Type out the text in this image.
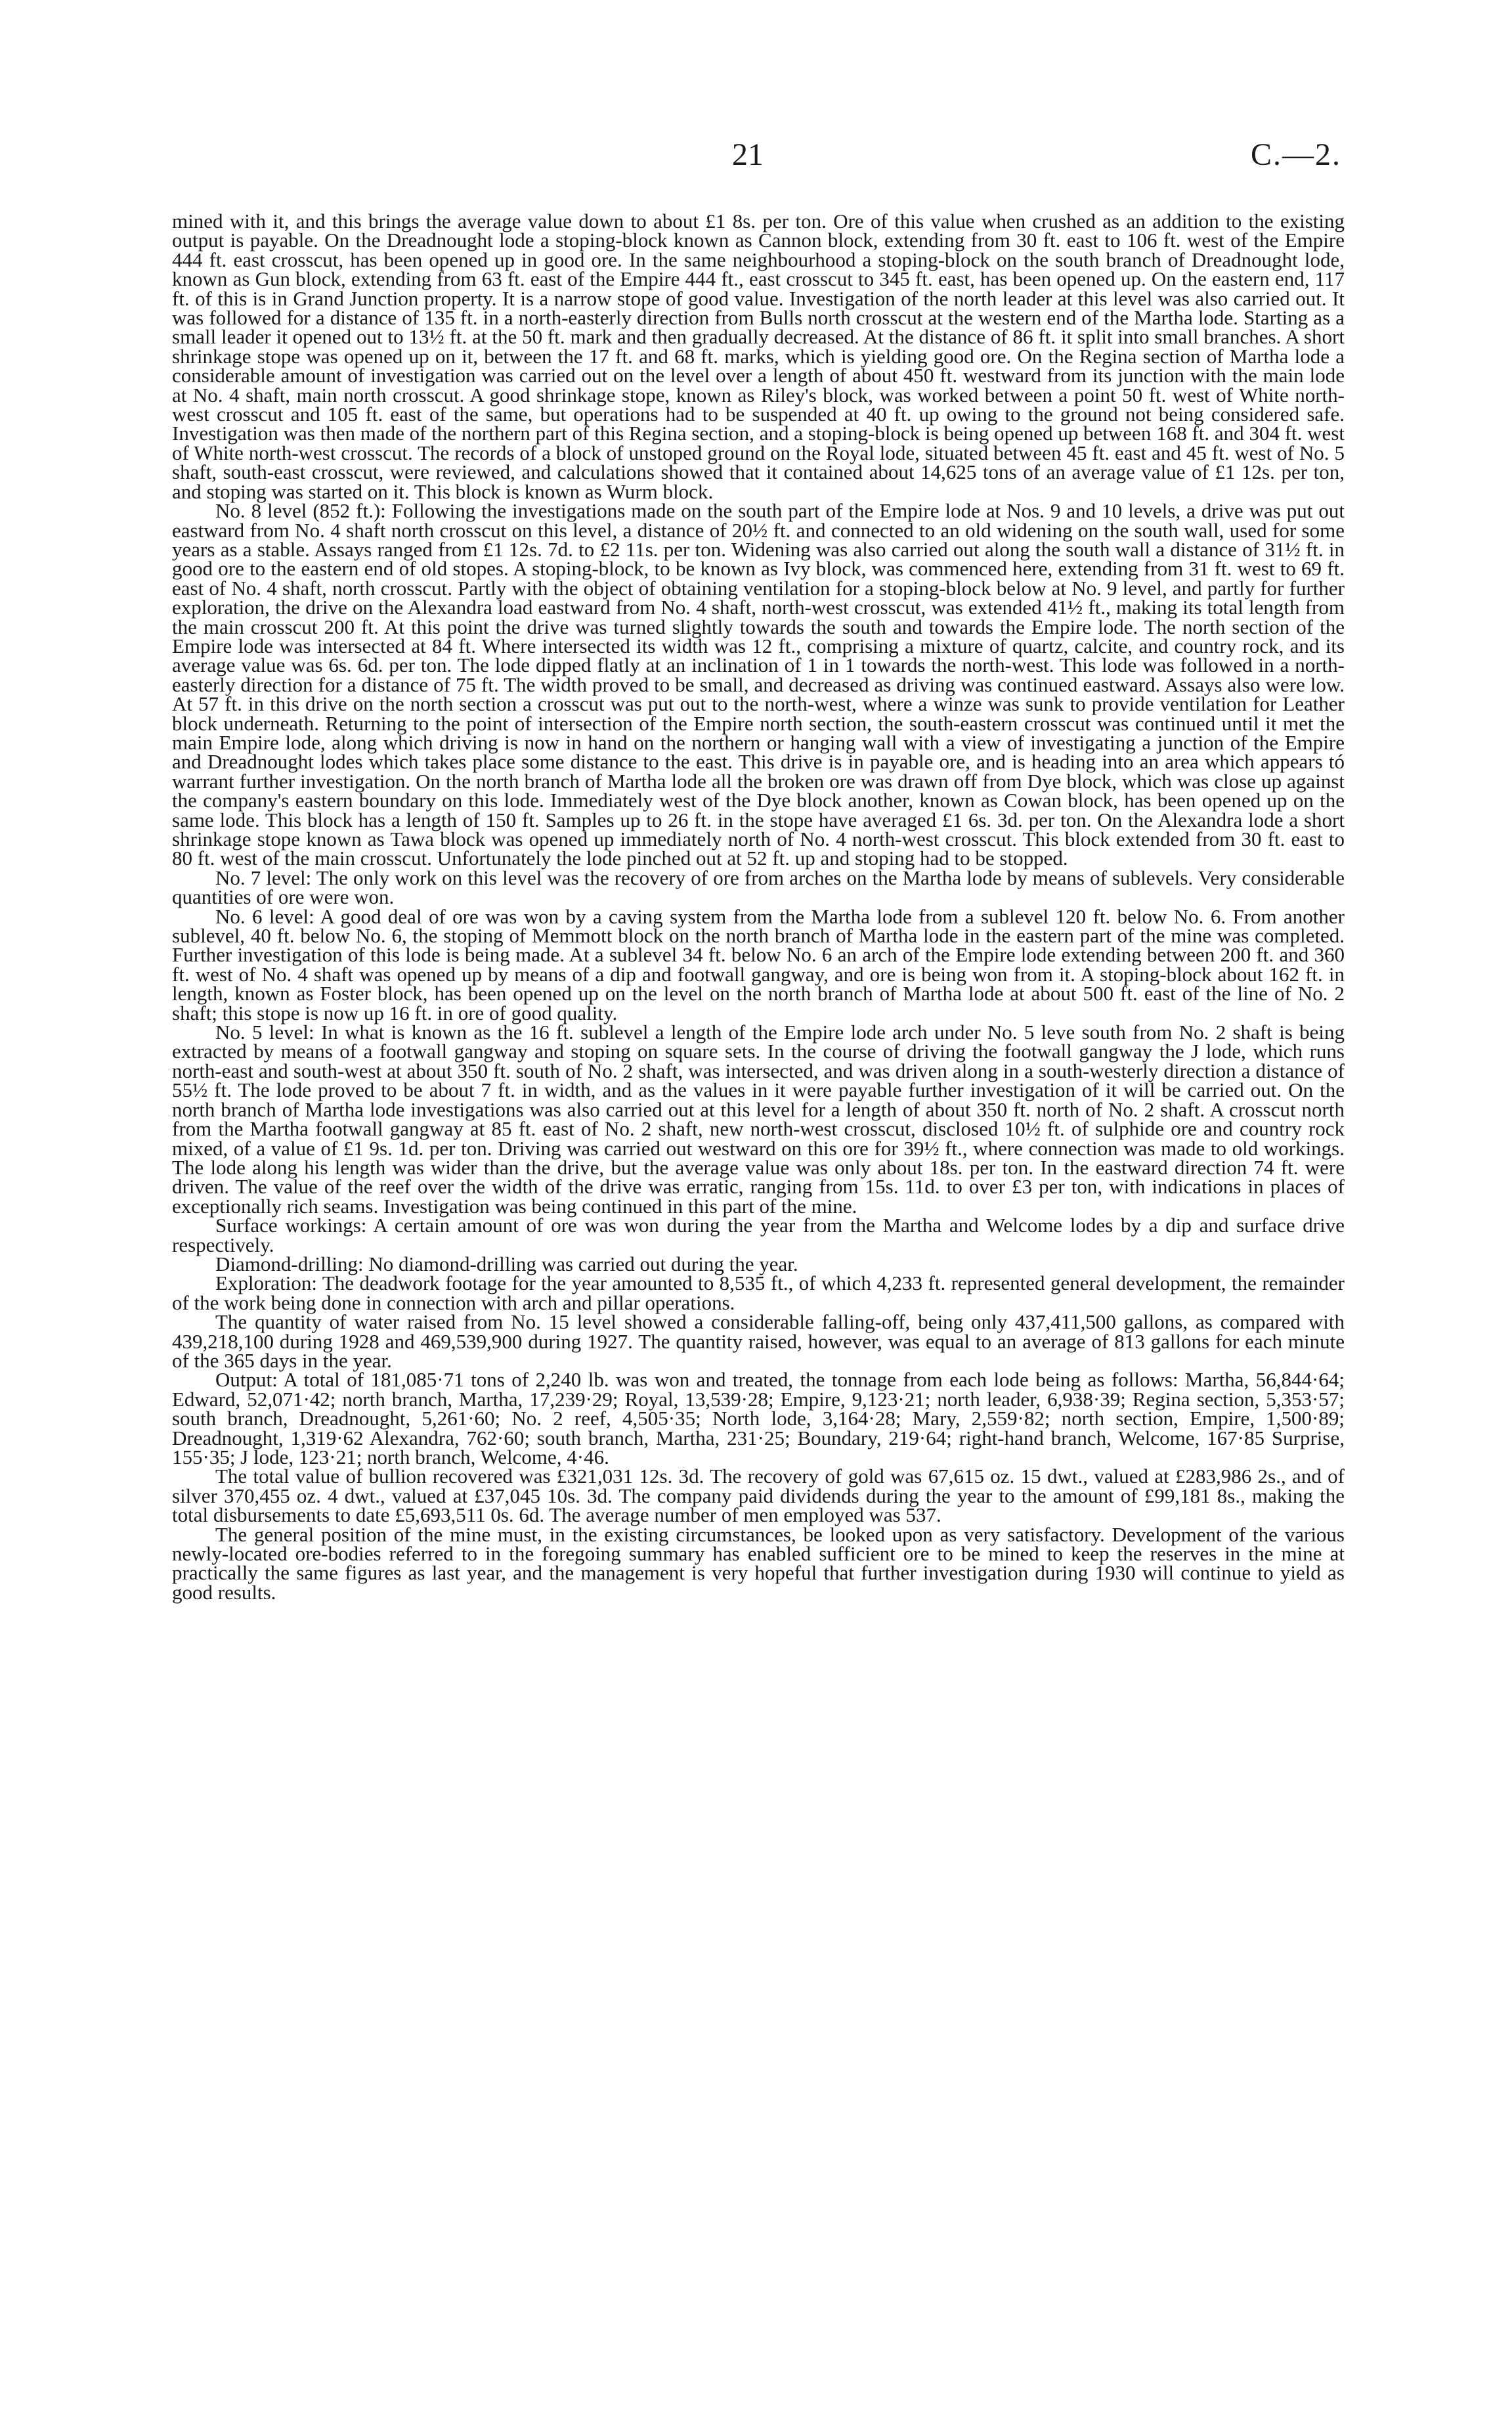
21	C.—2.

mined with it, and this brings the average value down to about £1 8s. per ton. Ore of this value when crushed as an addition to the existing output is payable. On the Dreadnought lode a stoping-block known as Cannon block, extending from 30 ft. east to 106 ft. west of the Empire 444 ft. east crosscut, has been opened up in good ore. In the same neighbourhood a stoping-block on the south branch of Dreadnought lode, known as Gun block, extending from 63 ft. east of the Empire 444 ft., east crosscut to 345 ft. east, has been opened up. On the eastern end, 117 ft. of this is in Grand Junction property. It is a narrow stope of good value. Investigation of the north leader at this level was also carried out. It was followed for a distance of 135 ft. in a north-easterly direction from Bulls north crosscut at the western end of the Martha lode. Starting as a small leader it opened out to 13½ ft. at the 50 ft. mark and then gradually decreased. At the distance of 86 ft. it split into small branches. A short shrinkage stope was opened up on it, between the 17 ft. and 68 ft. marks, which is yielding good ore. On the Regina section of Martha lode a considerable amount of investigation was carried out on the level over a length of about 450 ft. westward from its junction with the main lode at No. 4 shaft, main north crosscut. A good shrinkage stope, known as Riley's block, was worked between a point 50 ft. west of White north-west crosscut and 105 ft. east of the same, but operations had to be suspended at 40 ft. up owing to the ground not being considered safe. Investigation was then made of the northern part of this Regina section, and a stoping-block is being opened up between 168 ft. and 304 ft. west of White north-west crosscut. The records of a block of unstoped ground on the Royal lode, situated between 45 ft. east and 45 ft. west of No. 5 shaft, south-east crosscut, were reviewed, and calculations showed that it contained about 14,625 tons of an average value of £1 12s. per ton, and stoping was started on it. This block is known as Wurm block.

No. 8 level (852 ft.): Following the investigations made on the south part of the Empire lode at Nos. 9 and 10 levels, a drive was put out eastward from No. 4 shaft north crosscut on this level, a distance of 20½ ft. and connected to an old widening on the south wall, used for some years as a stable. Assays ranged from £1 12s. 7d. to £2 11s. per ton. Widening was also carried out along the south wall a distance of 31½ ft. in good ore to the eastern end of old stopes. A stoping-block, to be known as Ivy block, was commenced here, extending from 31 ft. west to 69 ft. east of No. 4 shaft, north crosscut. Partly with the object of obtaining ventilation for a stoping-block below at No. 9 level, and partly for further exploration, the drive on the Alexandra load eastward from No. 4 shaft, north-west crosscut, was extended 41½ ft., making its total length from the main crosscut 200 ft. At this point the drive was turned slightly towards the south and towards the Empire lode. The north section of the Empire lode was intersected at 84 ft. Where intersected its width was 12 ft., comprising a mixture of quartz, calcite, and country rock, and its average value was 6s. 6d. per ton. The lode dipped flatly at an inclination of 1 in 1 towards the north-west. This lode was followed in a north-easterly direction for a distance of 75 ft. The width proved to be small, and decreased as driving was continued eastward. Assays also were low. At 57 ft. in this drive on the north section a crosscut was put out to the north-west, where a winze was sunk to provide ventilation for Leather block underneath. Returning to the point of intersection of the Empire north section, the south-eastern crosscut was continued until it met the main Empire lode, along which driving is now in hand on the northern or hanging wall with a view of investigating a junction of the Empire and Dreadnought lodes which takes place some distance to the east. This drive is in payable ore, and is heading into an area which appears tó warrant further investigation. On the north branch of Martha lode all the broken ore was drawn off from Dye block, which was close up against the company's eastern boundary on this lode. Immediately west of the Dye block another, known as Cowan block, has been opened up on the same lode. This block has a length of 150 ft. Samples up to 26 ft. in the stope have averaged £1 6s. 3d. per ton. On the Alexandra lode a short shrinkage stope known as Tawa block was opened up immediately north of No. 4 north-west crosscut. This block extended from 30 ft. east to 80 ft. west of the main crosscut. Unfortunately the lode pinched out at 52 ft. up and stoping had to be stopped.

No. 7 level: The only work on this level was the recovery of ore from arches on the Martha lode by means of sublevels. Very considerable quantities of ore were won.

No. 6 level: A good deal of ore was won by a caving system from the Martha lode from a sublevel 120 ft. below No. 6. From another sublevel, 40 ft. below No. 6, the stoping of Memmott block on the north branch of Martha lode in the eastern part of the mine was completed. Further investigation of this lode is being made. At a sublevel 34 ft. below No. 6 an arch of the Empire lode extending between 200 ft. and 360 ft. west of No. 4 shaft was opened up by means of a dip and footwall gangway, and ore is being won from it. A stoping-block about 162 ft. in length, known as Foster block, has been opened up on the level on the north branch of Martha lode at about 500 ft. east of the line of No. 2 shaft; this stope is now up 16 ft. in ore of good quality.

No. 5 level: In what is known as the 16 ft. sublevel a length of the Empire lode arch under No. 5 leve south from No. 2 shaft is being extracted by means of a footwall gangway and stoping on square sets. In the course of driving the footwall gangway the J lode, which runs north-east and south-west at about 350 ft. south of No. 2 shaft, was intersected, and was driven along in a south-westerly direction a distance of 55½ ft. The lode proved to be about 7 ft. in width, and as the values in it were payable further investigation of it will be carried out. On the north branch of Martha lode investigations was also carried out at this level for a length of about 350 ft. north of No. 2 shaft. A crosscut north from the Martha footwall gangway at 85 ft. east of No. 2 shaft, new north-west crosscut, disclosed 10½ ft. of sulphide ore and country rock mixed, of a value of £1 9s. 1d. per ton. Driving was carried out westward on this ore for 39½ ft., where connection was made to old workings. The lode along his length was wider than the drive, but the average value was only about 18s. per ton. In the eastward direction 74 ft. were driven. The value of the reef over the width of the drive was erratic, ranging from 15s. 11d. to over £3 per ton, with indications in places of exceptionally rich seams. Investigation was being continued in this part of the mine.

Surface workings: A certain amount of ore was won during the year from the Martha and Welcome lodes by a dip and surface drive respectively.

Diamond-drilling: No diamond-drilling was carried out during the year.

Exploration: The deadwork footage for the year amounted to 8,535 ft., of which 4,233 ft. represented general development, the remainder of the work being done in connection with arch and pillar operations.

The quantity of water raised from No. 15 level showed a considerable falling-off, being only 437,411,500 gallons, as compared with 439,218,100 during 1928 and 469,539,900 during 1927. The quantity raised, however, was equal to an average of 813 gallons for each minute of the 365 days in the year.

Output: A total of 181,085·71 tons of 2,240 lb. was won and treated, the tonnage from each lode being as follows: Martha, 56,844·64; Edward, 52,071·42; north branch, Martha, 17,239·29; Royal, 13,539·28; Empire, 9,123·21; north leader, 6,938·39; Regina section, 5,353·57; south branch, Dreadnought, 5,261·60; No. 2 reef, 4,505·35; North lode, 3,164·28; Mary, 2,559·82; north section, Empire, 1,500·89; Dreadnought, 1,319·62 Alexandra, 762·60; south branch, Martha, 231·25; Boundary, 219·64; right-hand branch, Welcome, 167·85 Surprise, 155·35; J lode, 123·21; north branch, Welcome, 4·46.

The total value of bullion recovered was £321,031 12s. 3d. The recovery of gold was 67,615 oz. 15 dwt., valued at £283,986 2s., and of silver 370,455 oz. 4 dwt., valued at £37,045 10s. 3d. The company paid dividends during the year to the amount of £99,181 8s., making the total disbursements to date £5,693,511 0s. 6d. The average number of men employed was 537.

The general position of the mine must, in the existing circumstances, be looked upon as very satisfactory. Development of the various newly-located ore-bodies referred to in the foregoing summary has enabled sufficient ore to be mined to keep the reserves in the mine at practically the same figures as last year, and the management is very hopeful that further investigation during 1930 will continue to yield as good results.
